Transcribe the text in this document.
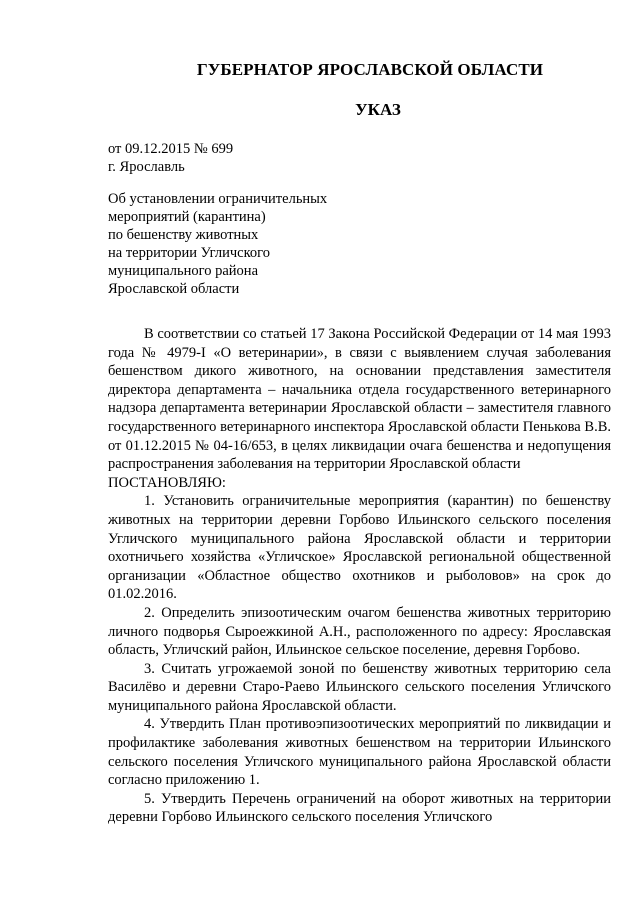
ГУБЕРНАТОР ЯРОСЛАВСКОЙ ОБЛАСТИ
УКАЗ
от 09.12.2015 № 699
г. Ярославль
Об установлении ограничительных
мероприятий (карантина)
по бешенству животных
на территории Угличского
муниципального района
Ярославской области

В соответствии со статьей 17 Закона Российской Федерации от 14 мая 1993 года № 4979-I «О ветеринарии», в связи с выявлением случая заболевания бешенством дикого животного, на основании представления заместителя директора департамента – начальника отдела государственного ветеринарного надзора департамента ветеринарии Ярославской области – заместителя главного государственного ветеринарного инспектора Ярославской области Пенькова В.В. от 01.12.2015 № 04-16/653, в целях ликвидации очага бешенства и недопущения распространения заболевания на территории Ярославской области

ПОСТАНОВЛЯЮ:

1. Установить ограничительные мероприятия (карантин) по бешенству животных на территории деревни Горбово Ильинского сельского поселения Угличского муниципального района Ярославской области и территории охотничьего хозяйства «Угличское» Ярославской региональной общественной организации «Областное общество охотников и рыболовов» на срок до 01.02.2016.

2. Определить эпизоотическим очагом бешенства животных территорию личного подворья Сыроежкиной А.Н., расположенного по адресу: Ярославская область, Угличский район, Ильинское сельское поселение, деревня Горбово.

3. Считать угрожаемой зоной по бешенству животных территорию села Василёво и деревни Старо-Раево Ильинского сельского поселения Угличского муниципального района Ярославской области.

4. Утвердить План противоэпизоотических мероприятий по ликвидации и профилактике заболевания животных бешенством на территории Ильинского сельского поселения Угличского муниципального района Ярославской области согласно приложению 1.

5. Утвердить Перечень ограничений на оборот животных на территории деревни Горбово Ильинского сельского поселения Угличского
